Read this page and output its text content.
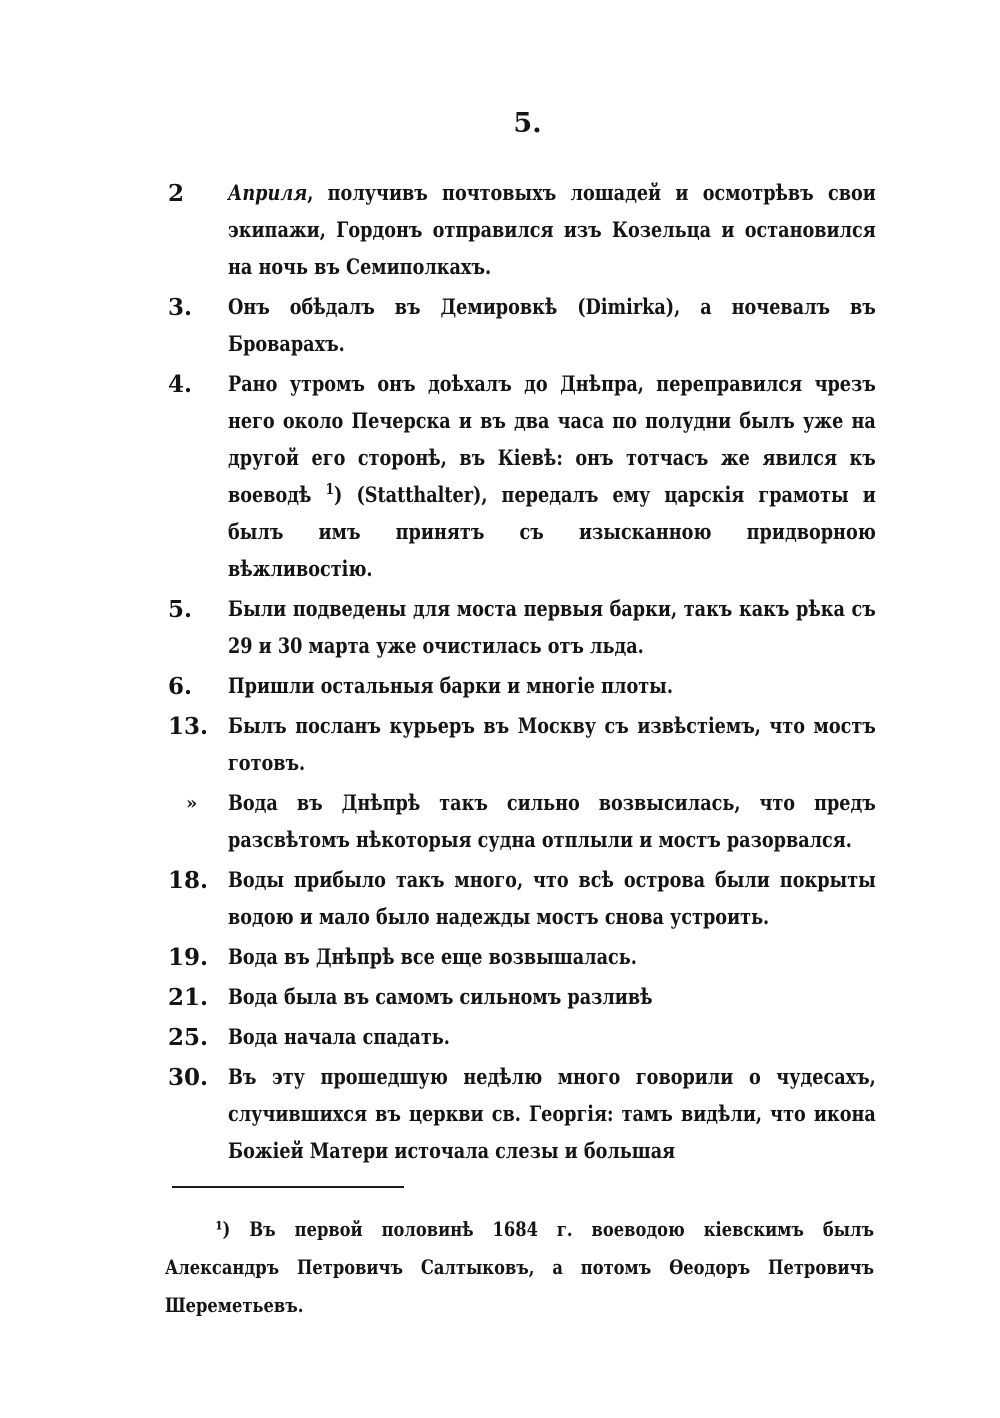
5.
2	Априля, получивъ почтовыхъ лошадей и осмотрѣвъ свои экипажи, Гордонъ отправился изъ Козельца и остановился на ночь въ Семиполкахъ.
3.	Онъ обѣдалъ въ Демировкѣ (Dimirka), а ночевалъ въ Броварахъ.
4.	Рано утромъ онъ доѣхалъ до Днѣпра, переправился чрезъ него около Печерска и въ два часа по полудни былъ уже на другой его сторонѣ, въ Кіевѣ: онъ тотчасъ же явился къ воеводѣ $^1$) (Statthalter), передалъ ему царскія грамоты и былъ имъ принятъ съ изысканною придворною вѣжливостію.
5.	Были подведены для моста первыя барки, такъ какъ рѣка съ 29 и 30 марта уже очистилась отъ льда.
6.	Пришли остальныя барки и многіе плоты.
13. Былъ посланъ курьеръ въ Москву съ извѣстіемъ, что мостъ готовъ.
»	Вода въ Днѣпрѣ такъ сильно возвысилась, что предъ разсвѣтомъ нѣкоторыя судна отплыли и мостъ разорвался.
18. Воды прибыло такъ много, что всѣ острова были покрыты водою и мало было надежды мостъ снова устроить.
19. Вода въ Днѣпрѣ все еще возвышалась.
21. Вода была въ самомъ сильномъ разливѣ
25. Вода начала спадать.
30. Въ эту прошедшую недѣлю много говорили о чудесахъ, случившихся въ церкви св. Георгія: тамъ видѣли, что икона Божіей Матери источала слезы и большая
¹) Въ первой половинѣ 1684 г. воеводою кіевскимъ былъ Александръ Петровичъ Салтыковъ, а потомъ Ѳеодоръ Петровичъ Шереметьевъ.
